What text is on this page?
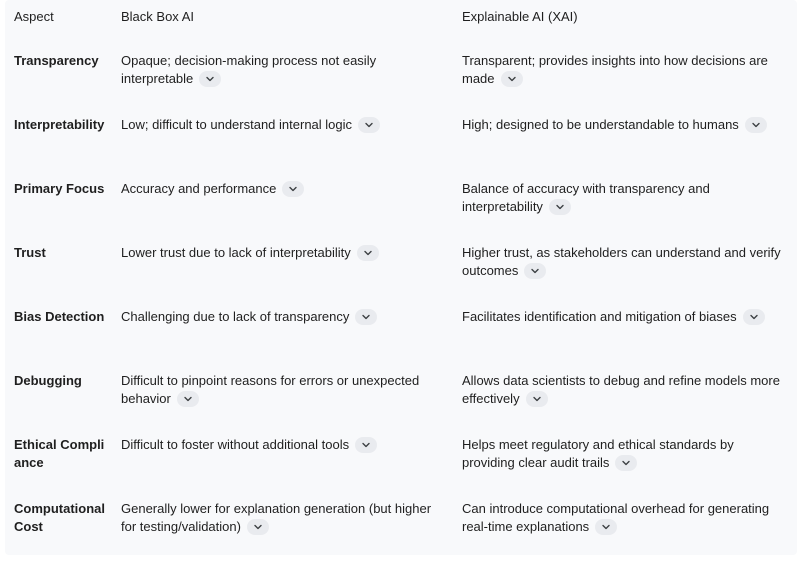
Aspect	Black Box AI	Explainable AI (XAI)
Transparency	Opaque; decision-making process not easily interpretable	Transparent; provides insights into how decisions are made

Interpretability	Low; difficult to understand internal logic	High; designed to be understandable to humans

Primary Focus	Accuracy and performance	Balance of accuracy with transparency and interpretability

Trust	Lower trust due to lack of interpretability	Higher trust, as stakeholders can understand and verify outcomes

Bias Detection	Challenging due to lack of transparency	Facilitates identification and mitigation of biases

Debugging	Difficult to pinpoint reasons for errors or unexpected behavior	Allows data scientists to debug and refine models more effectively

Ethical Compliance	Difficult to foster without additional tools	Helps meet regulatory and ethical standards by providing clear audit trails

Computational Cost	Generally lower for explanation generation (but higher for testing/validation)	Can introduce computational overhead for generating real-time explanations
